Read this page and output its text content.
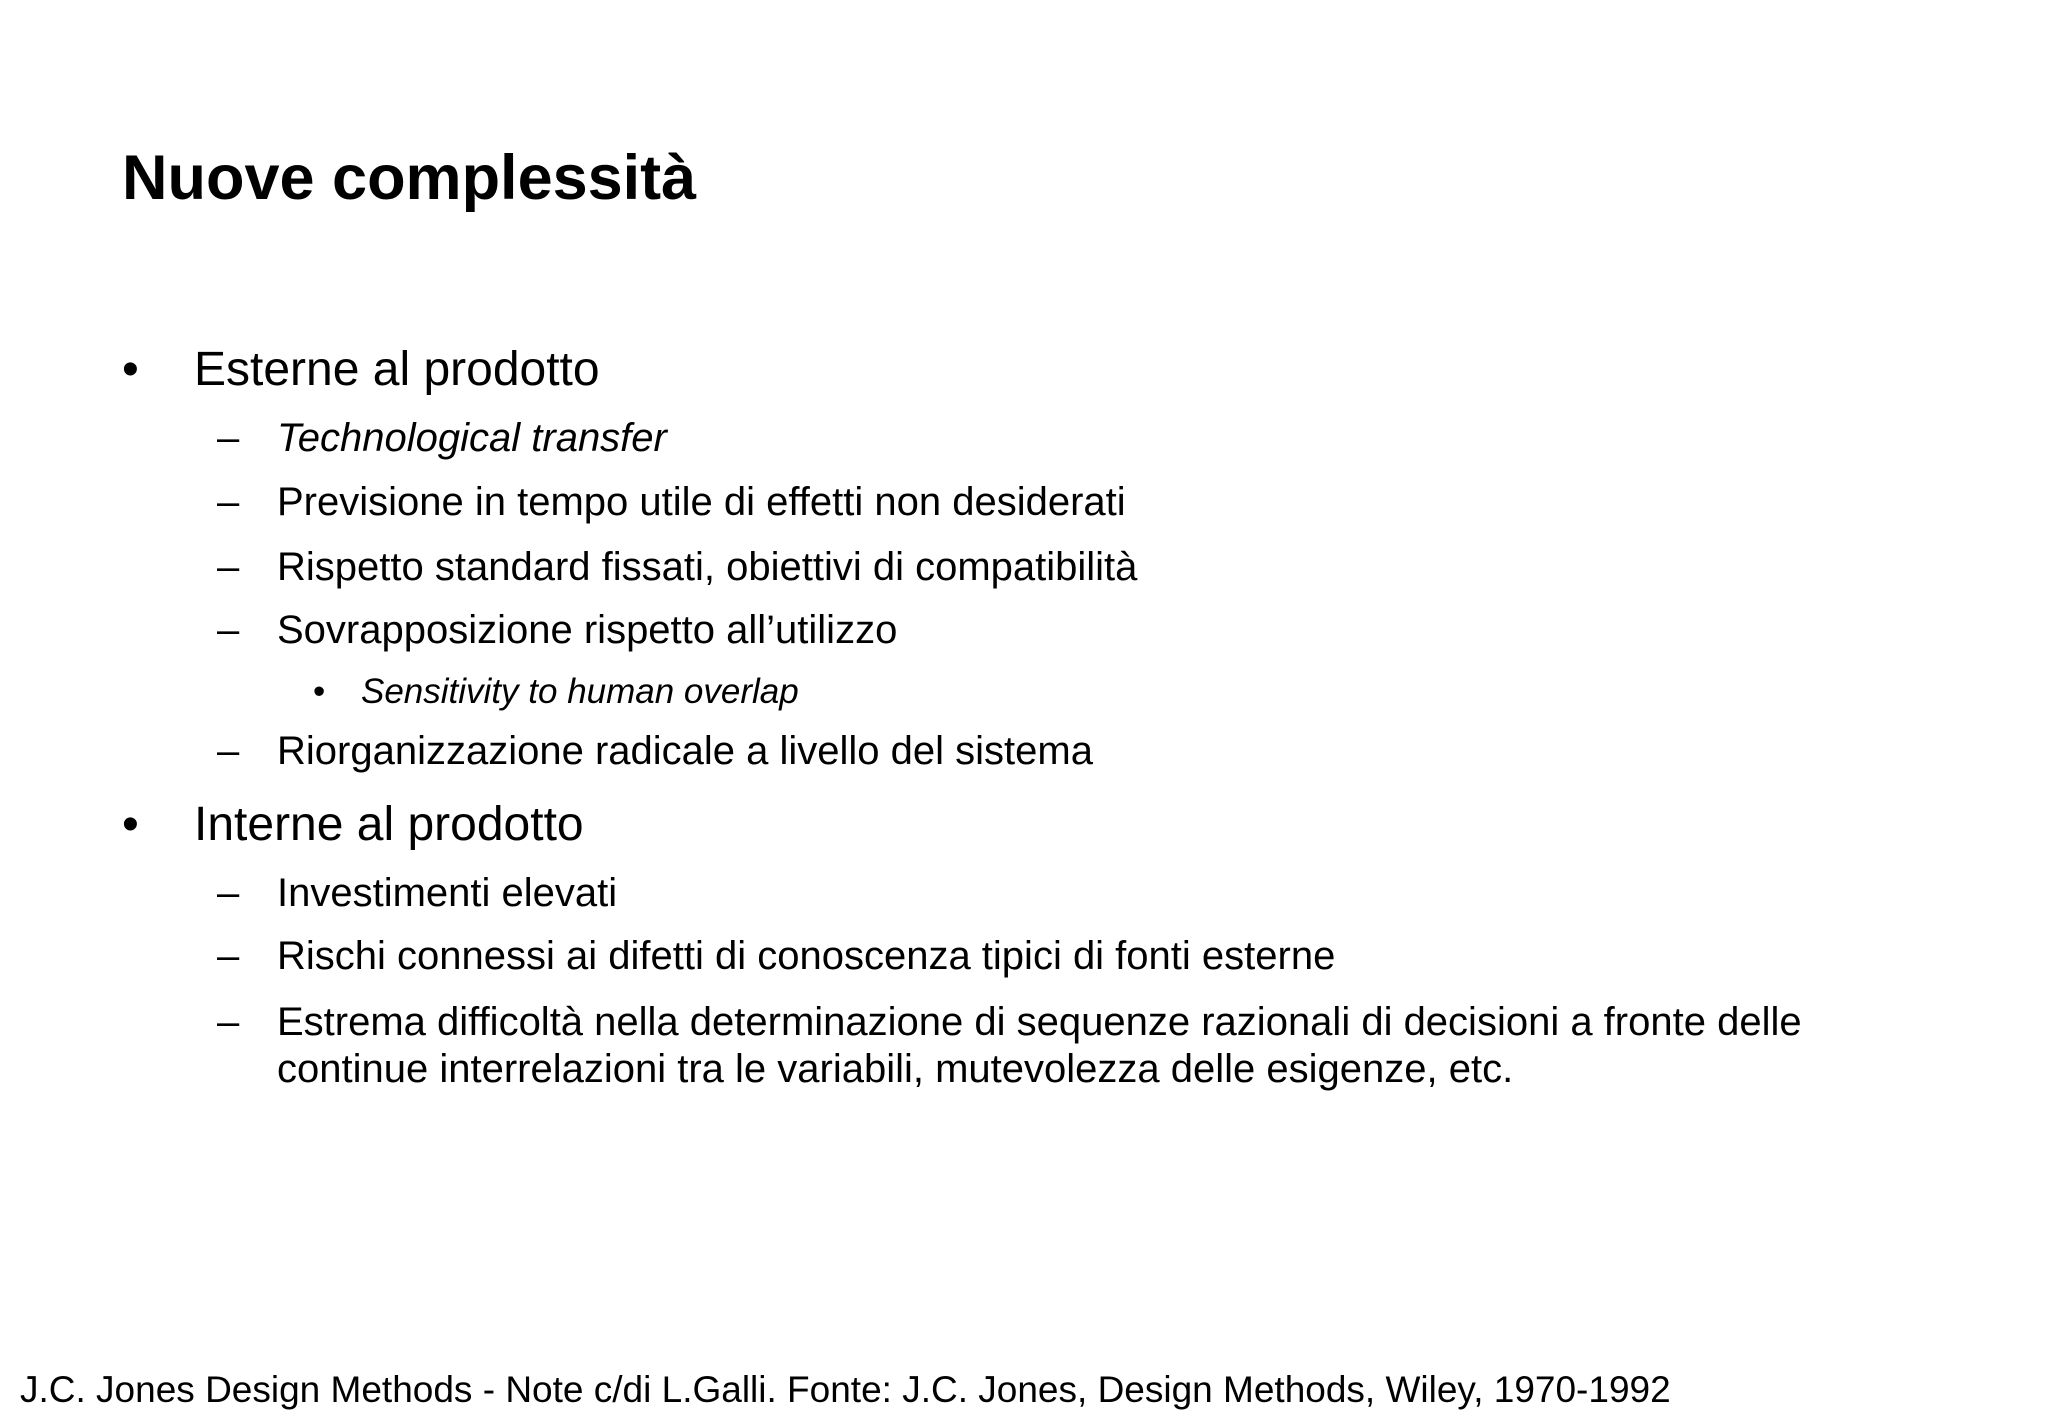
Nuove complessità
• Esterne al prodotto
– Technological transfer
– Previsione in tempo utile di effetti non desiderati
– Rispetto standard fissati, obiettivi di compatibilità
– Sovrapposizione rispetto all’utilizzo
• Sensitivity to human overlap
– Riorganizzazione radicale a livello del sistema
• Interne al prodotto
– Investimenti elevati
– Rischi connessi ai difetti di conoscenza tipici di fonti esterne
– Estrema difficoltà nella determinazione di sequenze razionali di decisioni a fronte delle
continue interrelazioni tra le variabili, mutevolezza delle esigenze, etc.
J.C. Jones Design Methods - Note c/di L.Galli. Fonte: J.C. Jones, Design Methods, Wiley, 1970-1992
